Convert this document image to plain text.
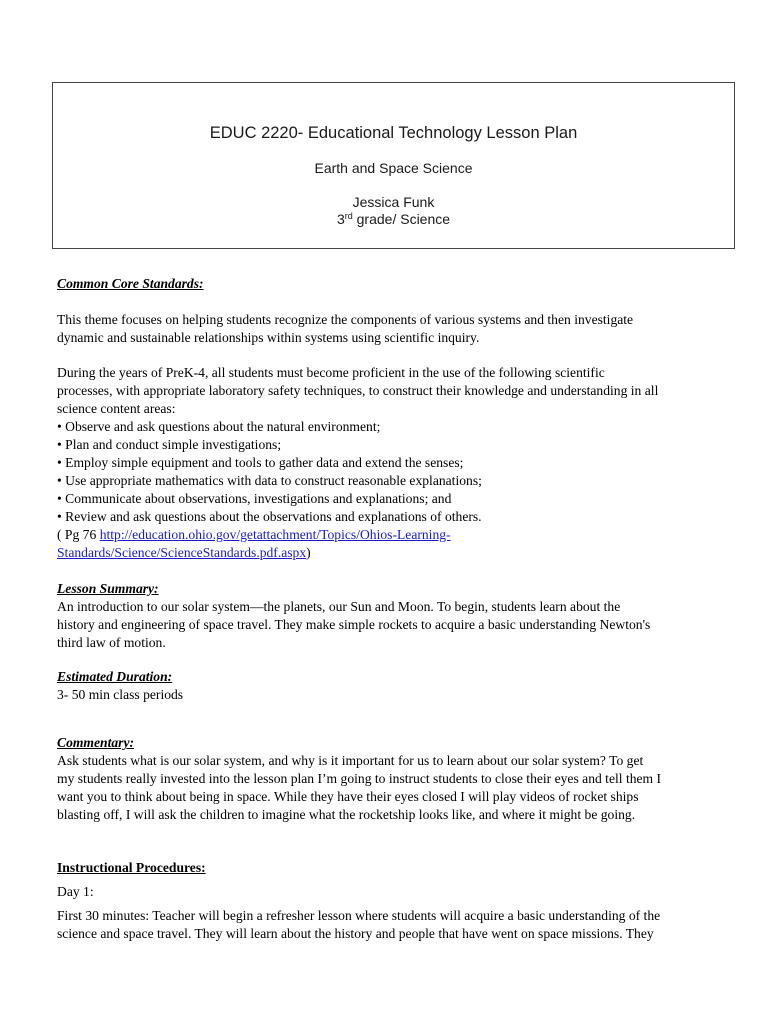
EDUC 2220- Educational Technology Lesson Plan
Earth and Space Science
Jessica Funk
3rd grade/ Science
Common Core Standards:
This theme focuses on helping students recognize the components of various systems and then investigate
dynamic and sustainable relationships within systems using scientific inquiry.
During the years of PreK-4, all students must become proficient in the use of the following scientific
processes, with appropriate laboratory safety techniques, to construct their knowledge and understanding in all
science content areas:
• Observe and ask questions about the natural environment;
• Plan and conduct simple investigations;
• Employ simple equipment and tools to gather data and extend the senses;
• Use appropriate mathematics with data to construct reasonable explanations;
• Communicate about observations, investigations and explanations; and
• Review and ask questions about the observations and explanations of others.
( Pg 76 http://education.ohio.gov/getattachment/Topics/Ohios-Learning-
Standards/Science/ScienceStandards.pdf.aspx)
Lesson Summary:
An introduction to our solar system—the planets, our Sun and Moon. To begin, students learn about the
history and engineering of space travel. They make simple rockets to acquire a basic understanding Newton's
third law of motion.
Estimated Duration:
3- 50 min class periods
Commentary:
Ask students what is our solar system, and why is it important for us to learn about our solar system? To get
my students really invested into the lesson plan I’m going to instruct students to close their eyes and tell them I
want you to think about being in space. While they have their eyes closed I will play videos of rocket ships
blasting off, I will ask the children to imagine what the rocketship looks like, and where it might be going.
Instructional Procedures:
Day 1:
First 30 minutes: Teacher will begin a refresher lesson where students will acquire a basic understanding of the
science and space travel. They will learn about the history and people that have went on space missions. They
